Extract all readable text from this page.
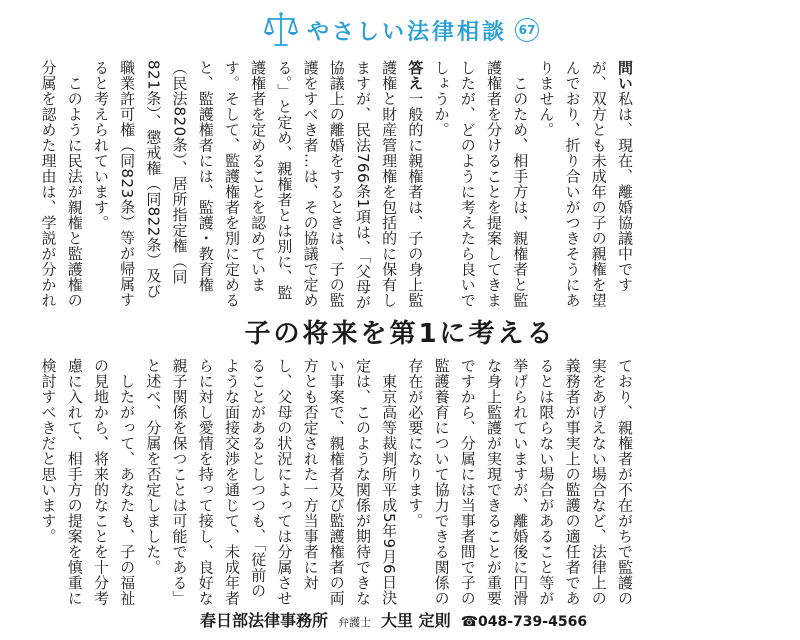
やさしい法律相談 67

問い私は、現在、離婚協議中ですが、双方とも未成年の子の親権を望んでおり、折り合いがつきそうにありません。

　このため、相手方は、親権者と監護権者を分けることを提案してきましたが、どのように考えたら良いでしょうか。

答え一般的に親権者は、子の身上監護権と財産管理権を包括的に保有しますが、民法766条1項は、「父母が協議上の離婚をするときは、子の監護をすべき者…は、その協議で定める。」と定め、親権者とは別に、監護権者を定めることを認めています。そして、監護権者を別に定めると、監護権者には、監護・教育権（民法820条）、居所指定権（同821条）、懲戒権（同822条）及び職業許可権（同823条）等が帰属すると考えられています。

　このように民法が親権と監護権の分属を認めた理由は、学説が分かれ

子の将来を第1に考える

ており、親権者が不在がちで監護の実をあげえない場合など、法律上の義務者が事実上の監護の適任者であるとは限らない場合があること等が挙げられていますが、離婚後に円滑な身上監護が実現できることが重要ですから、分属には当事者間で子の監護養育について協力できる関係の存在が必要になります。

　東京高等裁判所平成5年9月6日決定は、このような関係が期待できない事案で、親権者及び監護権者の両方とも否定された一方当事者に対し、父母の状況によっては分属させることがあるとしつつも、「従前のような面接交渉を通じて、未成年者らに対し愛情を持って接し、良好な親子関係を保つことは可能である」と述べ、分属を否定しました。

　したがって、あなたも、子の福祉の見地から、将来的なことを十分考慮に入れて、相手方の提案を慎重に検討すべきだと思います。

春日部法律事務所 弁護士 大里 定則 ☎048-739-4566
